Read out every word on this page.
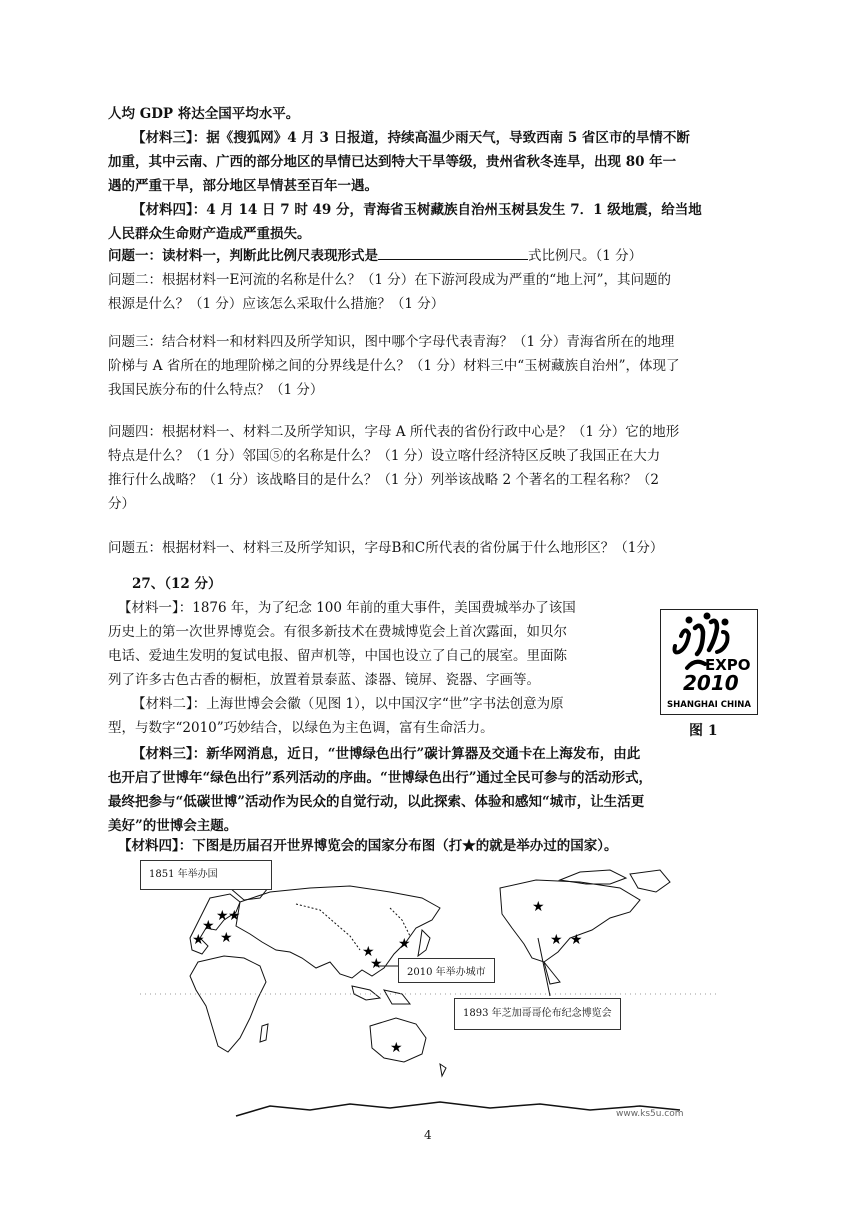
人均 GDP 将达全国平均水平。
【材料三】：据《搜狐网》4 月 3 日报道，持续高温少雨天气，导致西南 5 省区市的旱情不断
加重，其中云南、广西的部分地区的旱情已达到特大干旱等级，贵州省秋冬连旱，出现 80 年一
遇的严重干旱，部分地区旱情甚至百年一遇。
【材料四】：4 月 14 日 7 时 49 分，青海省玉树藏族自治州玉树县发生 7．1 级地震，给当地
人民群众生命财产造成严重损失。
问题一：读材料一，判断此比例尺表现形式是	式比例尺。（1 分）
问题二：根据材料一E河流的名称是什么？（1 分）在下游河段成为严重的“地上河”，其问题的
根源是什么？（1 分）应该怎么采取什么措施？（1 分）
问题三：结合材料一和材料四及所学知识，图中哪个字母代表青海？（1 分）青海省所在的地理
阶梯与 A 省所在的地理阶梯之间的分界线是什么？（1 分）材料三中“玉树藏族自治州”，体现了
我国民族分布的什么特点？（1 分）
问题四：根据材料一、材料二及所学知识，字母 A 所代表的省份行政中心是？（1 分）它的地形
特点是什么？（1 分）邻国⑤的名称是什么？（1 分）设立喀什经济特区反映了我国正在大力
推行什么战略？（1 分）该战略目的是什么？（1 分）列举该战略 2 个著名的工程名称？（2
分）
问题五：根据材料一、材料三及所学知识，字母B和C所代表的省份属于什么地形区？（1分）
27、（12 分）
【材料一】：1876 年，为了纪念 100 年前的重大事件，美国费城举办了该国
历史上的第一次世界博览会。有很多新技术在费城博览会上首次露面，如贝尔
电话、爱迪生发明的复试电报、留声机等，中国也设立了自己的展室。里面陈
列了许多古色古香的橱柜，放置着景泰蓝、漆器、镜屏、瓷器、字画等。
【材料二】：上海世博会会徽（见图 1），以中国汉字“世”字书法创意为原
型，与数字“2010”巧妙结合，以绿色为主色调，富有生命活力。
EXPO
2010
SHANGHAI CHINA
图 1
【材料三】：新华网消息，近日，“世博绿色出行”碳计算器及交通卡在上海发布，由此
也开启了世博年“绿色出行”系列活动的序曲。“世博绿色出行”通过全民可参与的活动形式，
最终把参与“低碳世博”活动作为民众的自觉行动，以此探索、体验和感知“城市，让生活更
美好”的世博会主题。
【材料四】：下图是历届召开世界博览会的国家分布图（打★的就是举办过的国家）。
★ ★
★
★ ★
★ ★
★
★
★ ★
★
www.ks5u.com
1851 年举办国
2010 年举办城市
1893 年芝加哥哥伦布纪念博览会
4
